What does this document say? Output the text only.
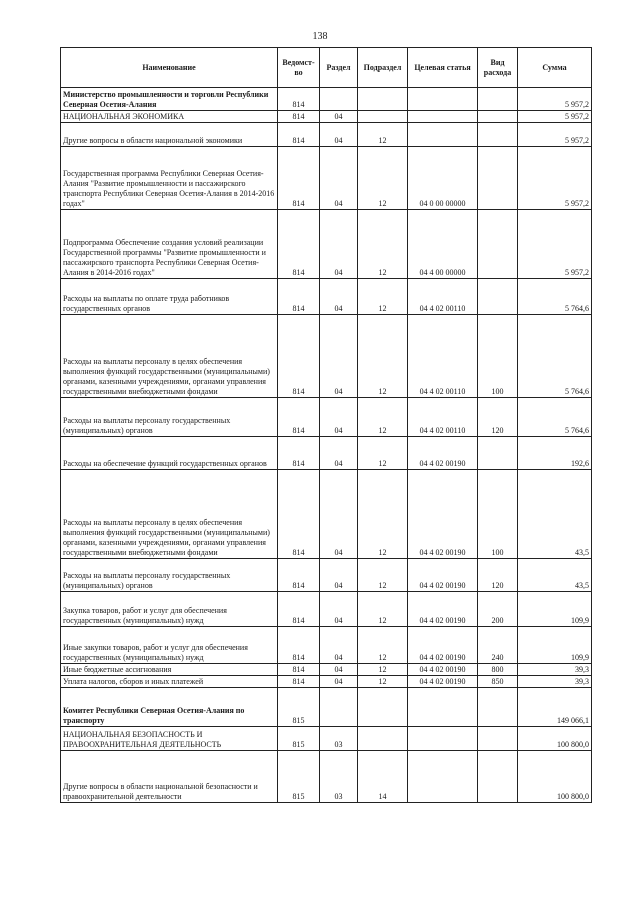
138
Наименование	Ведомст-во	Раздел	Подраздел	Целевая статья	Вид расхода	Сумма
Министерство промышленности и торговли Республики Северная Осетия-Алания	814					5 957,2
НАЦИОНАЛЬНАЯ ЭКОНОМИКА	814	04				5 957,2
Другие вопросы в области национальной экономики	814	04	12			5 957,2
Государственная программа Республики Северная Осетия-Алания "Развитие промышленности и пассажирского транспорта Республики Северная Осетия-Алания в 2014-2016 годах"	814	04	12	04 0 00 00000		5 957,2
Подпрограмма Обеспечение создания условий реализации Государственной программы "Развитие промышленности и пассажирского транспорта Республики Северная Осетия-Алания в 2014-2016 годах"	814	04	12	04 4 00 00000		5 957,2
Расходы на выплаты по оплате труда работников государственных органов	814	04	12	04 4 02 00110		5 764,6
Расходы на выплаты персоналу в целях обеспечения выполнения функций государственными (муниципальными) органами, казенными учреждениями, органами управления государственными внебюджетными фондами	814	04	12	04 4 02 00110	100	5 764,6
Расходы на выплаты персоналу государственных (муниципальных) органов	814	04	12	04 4 02 00110	120	5 764,6
Расходы на обеспечение функций государственных органов	814	04	12	04 4 02 00190		192,6
Расходы на выплаты персоналу в целях обеспечения выполнения функций государственными (муниципальными) органами, казенными учреждениями, органами управления государственными внебюджетными фондами	814	04	12	04 4 02 00190	100	43,5
Расходы на выплаты персоналу государственных (муниципальных) органов	814	04	12	04 4 02 00190	120	43,5
Закупка товаров, работ и услуг для обеспечения государственных (муниципальных) нужд	814	04	12	04 4 02 00190	200	109,9
Иные закупки товаров, работ и услуг для обеспечения государственных (муниципальных) нужд	814	04	12	04 4 02 00190	240	109,9
Иные бюджетные ассигнования	814	04	12	04 4 02 00190	800	39,3
Уплата налогов, сборов и иных платежей	814	04	12	04 4 02 00190	850	39,3
Комитет Республики Северная Осетия-Алания по транспорту	815					149 066,1
НАЦИОНАЛЬНАЯ БЕЗОПАСНОСТЬ И ПРАВООХРАНИТЕЛЬНАЯ ДЕЯТЕЛЬНОСТЬ	815	03				100 800,0
Другие вопросы в области национальной безопасности и правоохранительной деятельности	815	03	14			100 800,0
